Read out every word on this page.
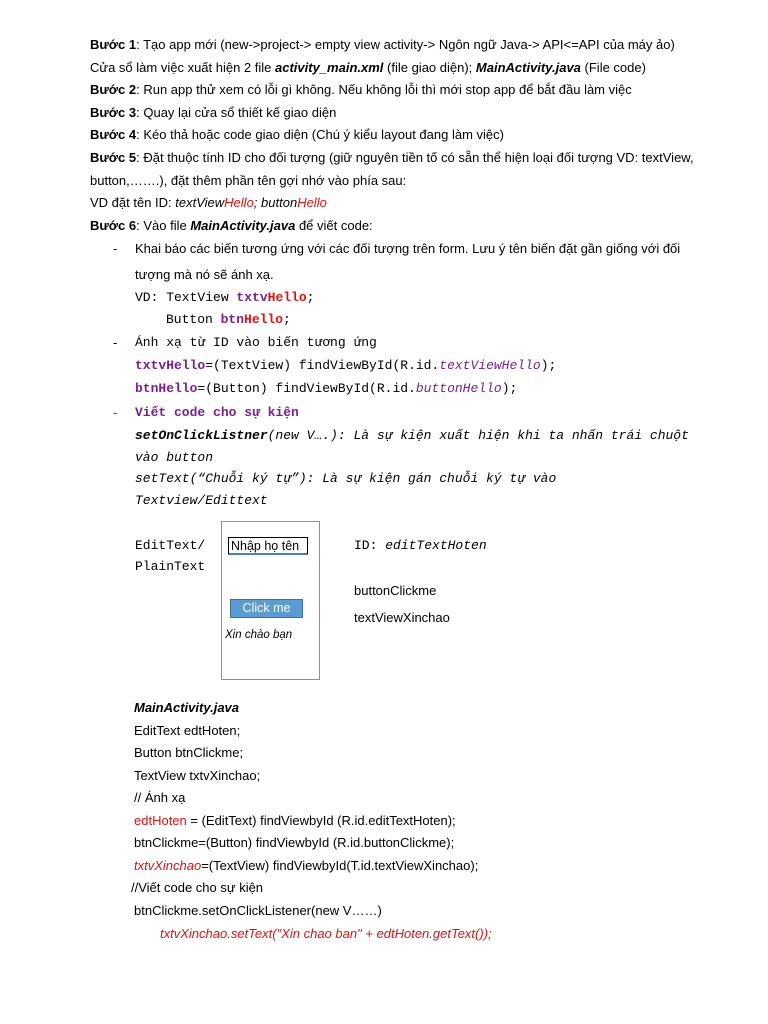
Bước 1: Tạo app mới (new->project-> empty view activity-> Ngôn ngữ Java-> API<=API của máy ảo)
Cửa sổ làm việc xuất hiện 2 file activity_main.xml (file giao diện); MainActivity.java (File code)
Bước 2: Run app thử xem có lỗi gì không. Nếu không lỗi thì mới stop app để bắt đầu làm việc
Bước 3: Quay lại cửa sổ thiết kế giao diện
Bước 4: Kéo thả hoặc code giao diện (Chú ý kiểu layout đang làm việc)
Bước 5: Đặt thuộc tính ID cho đối tượng (giữ nguyên tiền tố có sẵn thể hiện loại đối tượng VD: textView,
button,…….), đặt thêm phần tên gợi nhớ vào phía sau:
VD đặt tên ID: textViewHello; buttonHello
Bước 6: Vào file MainActivity.java để viết code:
- Khai báo các biến tương ứng với các đối tượng trên form. Lưu ý tên biến đặt gần giống với đối
tượng mà nó sẽ ánh xạ.
VD: TextView txtvHello;
Button btnHello;
- Ánh xạ từ ID vào biến tương ứng
txtvHello=(TextView) findViewById(R.id.textViewHello);
btnHello=(Button) findViewById(R.id.buttonHello);
- Viết code cho sự kiện
setOnClickListner(new V….): Là sự kiện xuất hiện khi ta nhấn trái chuột
vào button
setText(“Chuỗi ký tự”): Là sự kiện gán chuỗi ký tự vào
Textview/Edittext
EditText/
PlainText
Nhập họ tên
Click me
Xin chào bạn
ID: editTextHoten
buttonClickme
textViewXinchao
MainActivity.java
EditText edtHoten;
Button btnClickme;
TextView txtvXinchao;
// Ánh xạ
edtHoten = (EditText) findViewbyId (R.id.editTextHoten);
btnClickme=(Button) findViewbyId (R.id.buttonClickme);
txtvXinchao=(TextView) findViewbyId(T.id.textViewXinchao);
//Viết code cho sự kiện
btnClickme.setOnClickListener(new V……)
txtvXinchao.setText("Xin chao ban" + edtHoten.getText());
